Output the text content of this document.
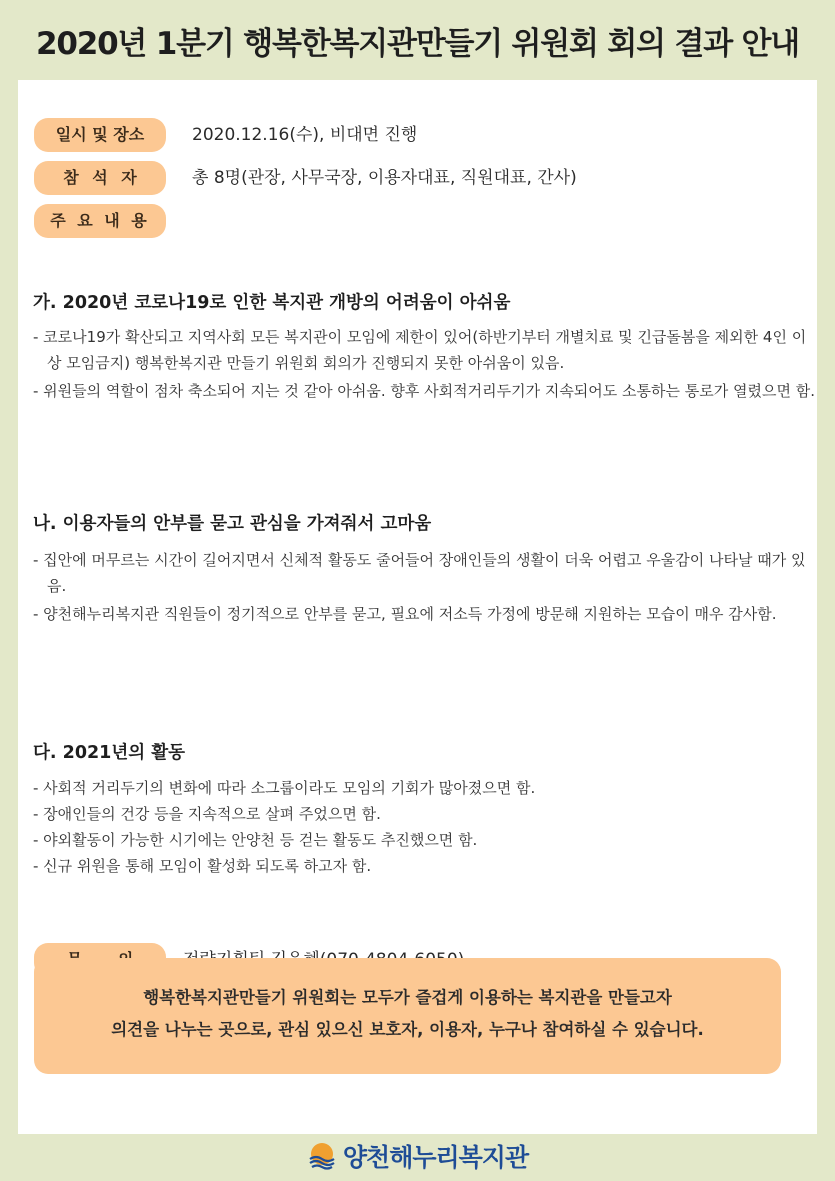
2020년 1분기 행복한복지관만들기 위원회 회의 결과 안내
일시 및 장소	2020.12.16(수), 비대면 진행
참 석 자	총 8명(관장, 사무국장, 이용자대표, 직원대표, 간사)
주 요 내 용
가. 2020년 코로나19로 인한 복지관 개방의 어려움이 아쉬움
- 코로나19가 확산되고 지역사회 모든 복지관이 모임에 제한이 있어(하반기부터 개별치료 및 긴급돌봄을 제외한 4인 이상 모임금지) 행복한복지관 만들기 위원회 회의가 진행되지 못한 아쉬움이 있음.
- 위원들의 역할이 점차 축소되어 지는 것 같아 아쉬움. 향후 사회적거리두기가 지속되어도 소통하는 통로가 열렸으면 함.
나. 이용자들의 안부를 묻고 관심을 가져줘서 고마움
- 집안에 머무르는 시간이 길어지면서 신체적 활동도 줄어들어 장애인들의 생활이 더욱 어렵고 우울감이 나타날 때가 있음.
- 양천해누리복지관 직원들이 정기적으로 안부를 묻고, 필요에 저소득 가정에 방문해 지원하는 모습이 매우 감사함.
다. 2021년의 활동
- 사회적 거리두기의 변화에 따라 소그룹이라도 모임의 기회가 많아졌으면 함.
- 장애인들의 건강 등을 지속적으로 살펴 주었으면 함.
- 야외활동이 가능한 시기에는 안양천 등 걷는 활동도 추진했으면 함.
- 신규 위원을 통해 모임이 활성화 되도록 하고자 함.
행복한복지관만들기 위원회는 모두가 즐겁게 이용하는 복지관을 만들고자
의견을 나누는 곳으로, 관심 있으신 보호자, 이용자, 누구나 참여하실 수 있습니다.
양천해누리복지관
